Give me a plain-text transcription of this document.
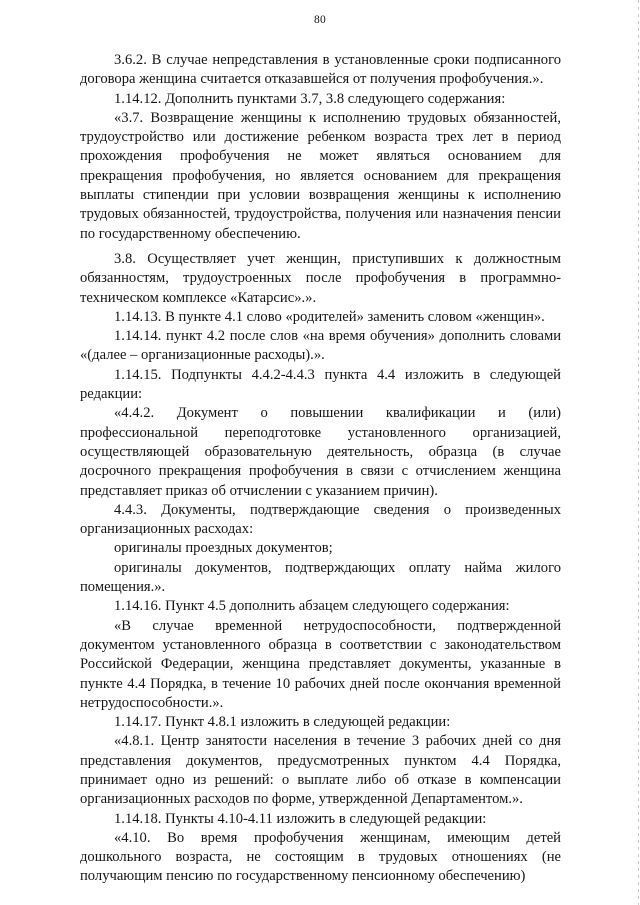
80

3.6.2. В случае непредставления в установленные сроки подписанного договора женщина считается отказавшейся от получения профобучения.».

1.14.12. Дополнить пунктами 3.7, 3.8 следующего содержания:

«3.7. Возвращение женщины к исполнению трудовых обязанностей, трудоустройство или достижение ребенком возраста трех лет в период прохождения профобучения не может являться основанием для прекращения профобучения, но является основанием для прекращения выплаты стипендии при условии возвращения женщины к исполнению трудовых обязанностей, трудоустройства, получения или назначения пенсии по государственному обеспечению.

3.8. Осуществляет учет женщин, приступивших к должностным обязанностям, трудоустроенных после профобучения в программно-техническом комплексе «Катарсис».».

1.14.13. В пункте 4.1 слово «родителей» заменить словом «женщин».

1.14.14. пункт 4.2 после слов «на время обучения» дополнить словами «(далее – организационные расходы).».

1.14.15. Подпункты 4.4.2-4.4.3 пункта 4.4 изложить в следующей редакции:

«4.4.2. Документ о повышении квалификации и (или) профессиональной переподготовке установленного организацией, осуществляющей образовательную деятельность, образца (в случае досрочного прекращения профобучения в связи с отчислением женщина представляет приказ об отчислении с указанием причин).

4.4.3. Документы, подтверждающие сведения о произведенных организационных расходах:

оригиналы проездных документов;

оригиналы документов, подтверждающих оплату найма жилого помещения.».

1.14.16. Пункт 4.5 дополнить абзацем следующего содержания:

«В случае временной нетрудоспособности, подтвержденной документом установленного образца в соответствии с законодательством Российской Федерации, женщина представляет документы, указанные в пункте 4.4 Порядка, в течение 10 рабочих дней после окончания временной нетрудоспособности.».

1.14.17. Пункт 4.8.1 изложить в следующей редакции:

«4.8.1. Центр занятости населения в течение 3 рабочих дней со дня представления документов, предусмотренных пунктом 4.4 Порядка, принимает одно из решений: о выплате либо об отказе в компенсации организационных расходов по форме, утвержденной Департаментом.».

1.14.18. Пункты 4.10-4.11 изложить в следующей редакции:

«4.10. Во время профобучения женщинам, имеющим детей дошкольного возраста, не состоящим в трудовых отношениях (не получающим пенсию по государственному пенсионному обеспечению)
